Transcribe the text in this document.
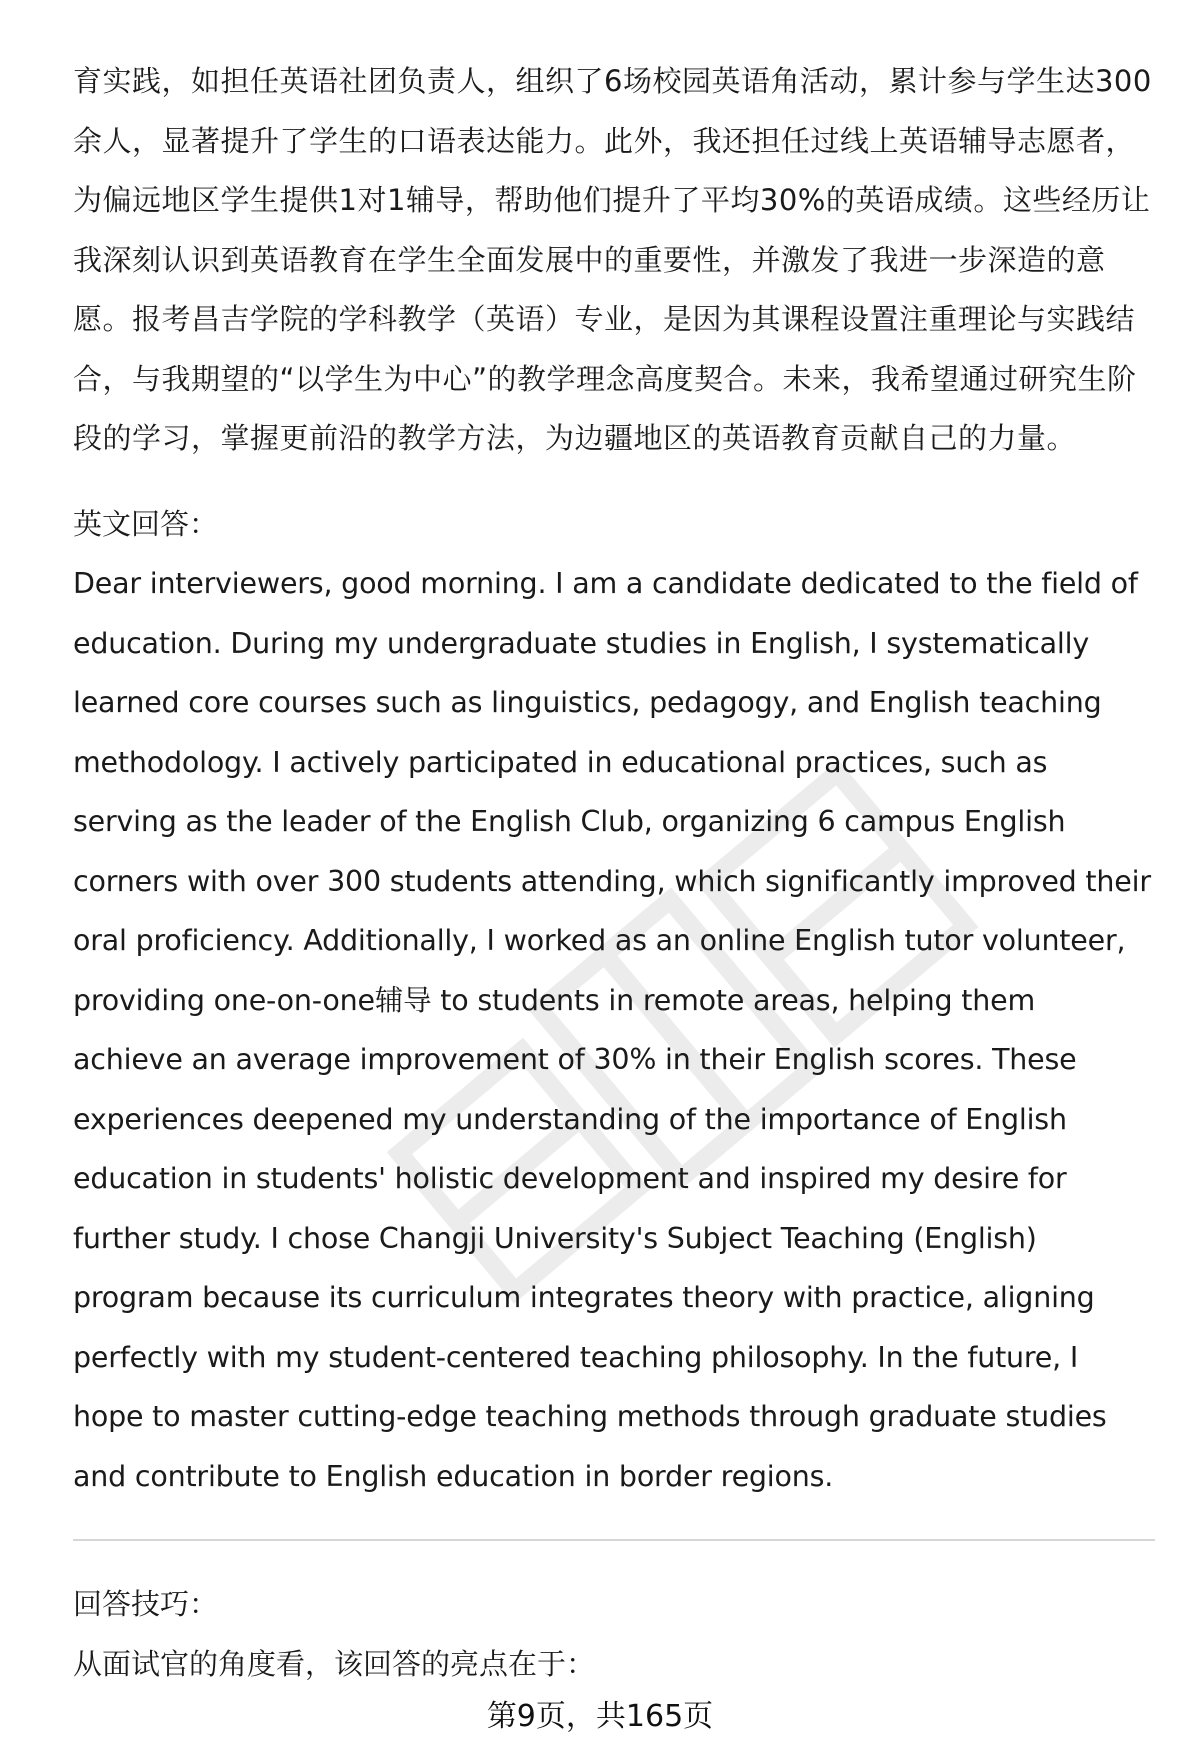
育实践，如担任英语社团负责人，组织了6场校园英语角活动，累计参与学生达300余人，显著提升了学生的口语表达能力。此外，我还担任过线上英语辅导志愿者，为偏远地区学生提供1对1辅导，帮助他们提升了平均30%的英语成绩。这些经历让我深刻认识到英语教育在学生全面发展中的重要性，并激发了我进一步深造的意愿。报考昌吉学院的学科教学（英语）专业，是因为其课程设置注重理论与实践结合，与我期望的“以学生为中心”的教学理念高度契合。未来，我希望通过研究生阶段的学习，掌握更前沿的教学方法，为边疆地区的英语教育贡献自己的力量。

英文回答：

Dear interviewers, good morning. I am a candidate dedicated to the field of education. During my undergraduate studies in English, I systematically learned core courses such as linguistics, pedagogy, and English teaching methodology. I actively participated in educational practices, such as serving as the leader of the English Club, organizing 6 campus English corners with over 300 students attending, which significantly improved their oral proficiency. Additionally, I worked as an online English tutor volunteer, providing one-on-one辅导 to students in remote areas, helping them achieve an average improvement of 30% in their English scores. These experiences deepened my understanding of the importance of English education in students' holistic development and inspired my desire for further study. I chose Changji University's Subject Teaching (English) program because its curriculum integrates theory with practice, aligning perfectly with my student-centered teaching philosophy. In the future, I hope to master cutting-edge teaching methods through graduate studies and contribute to English education in border regions.

回答技巧：

从面试官的角度看，该回答的亮点在于：

第9页，共165页
